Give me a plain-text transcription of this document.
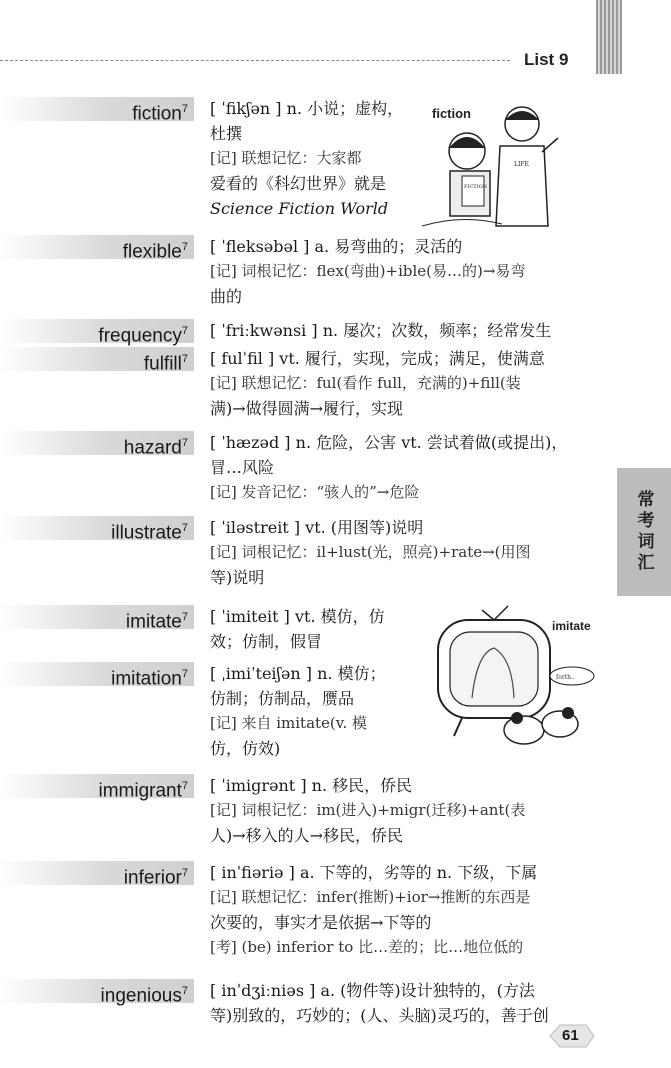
List 9
常考词汇
fiction$^7$	[ ˈfikʃən ] n. 小说；虚构，
杜撰
[记] 联想记忆：大家都
爱看的《科幻世界》就是
Science Fiction World
flexible$^7$	[ ˈfleksəbəl ] a. 易弯曲的；灵活的
[记] 词根记忆：flex(弯曲)+ible(易…的)→易弯
曲的
frequency$^7$	[ ˈfriːkwənsi ] n. 屡次；次数，频率；经常发生
fulfill$^7$	[ fulˈfil ] vt. 履行，实现，完成；满足，使满意
[记] 联想记忆：ful(看作 full，充满的)+fill(装
满)→做得圆满→履行，实现
hazard$^7$	[ ˈhæzəd ] n. 危险，公害 vt. 尝试着做(或提出)，
冒…风险
[记] 发音记忆：“骇人的”→危险
illustrate$^7$	[ ˈiləstreit ] vt. (用图等)说明
[记] 词根记忆：il+lust(光，照亮)+rate→(用图
等)说明
imitate$^7$	[ ˈimiteit ] vt. 模仿，仿
效；仿制，假冒
imitation$^7$	[ ˌimiˈteiʃən ] n. 模仿；
仿制；仿制品，赝品
[记] 来自 imitate(v. 模
仿，仿效)
immigrant$^7$	[ ˈimigrənt ] n. 移民，侨民
[记] 词根记忆：im(进入)+migr(迁移)+ant(表
人)→移入的人→移民，侨民
inferior$^7$	[ inˈfiəriə ] a. 下等的，劣等的 n. 下级，下属
[记] 联想记忆：infer(推断)+ior→推断的东西是
次要的，事实才是依据→下等的
[考] (be) inferior to 比…差的；比…地位低的
ingenious$^7$	[ inˈdʒiːniəs ] a. (物件等)设计独特的，(方法
等)别致的，巧妙的；(人、头脑)灵巧的，善于创
fiction
FICTION
LIFE
imitate
forth..
61
